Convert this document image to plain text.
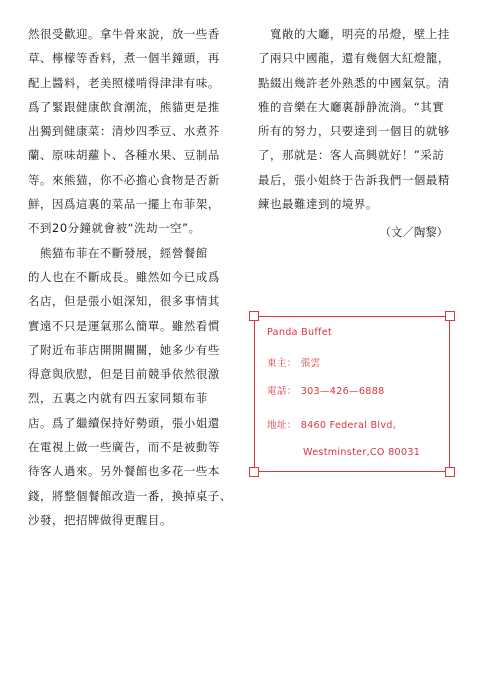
然很受歡迎。拿牛骨來說，放一些香
草、檸檬等香料，煮一個半鐘頭，再
配上醬料，老美照樣啃得津津有味。

爲了緊跟健康飲食潮流，熊貓更是推
出獨到健康菜：清炒四季豆、水煮芥
蘭、原味胡蘿卜、各種水果、豆制品
等。來熊猫，你不必擔心食物是否新
鮮，因爲這裏的菜品一擺上布菲架，
不到20分鐘就會被“洗劫一空”。

　熊猫布菲在不斷發展，經營餐館
的人也在不斷成長。雖然如今已成爲
名店，但是張小姐深知，很多事情其
實遠不只是運氣那么簡單。雖然看慣
了附近布菲店開開關關，她多少有些
得意與欣慰，但是目前競爭依然很激
烈，五裏之内就有四五家同類布菲
店。爲了繼續保持好勢頭，張小姐還
在電視上做一些廣告，而不是被動等
待客人過來。另外餐館也多花一些本
錢，將整個餐館改造一番，換掉桌子、
沙發，把招牌做得更醒目。

　寬敞的大廳，明亮的吊燈，壁上挂
了兩只中國龍，還有幾個大紅燈籠，
點綴出幾許老外熟悉的中國氣氛。清
雅的音樂在大廳裏靜静流淌。“其實
所有的努力，只要達到一個目的就够
了，那就是：客人高興就好！”采訪
最后，張小姐終于告訴我們一個最精
練也最難達到的境界。

（文／陶黎）
Panda Buffet
東主： 張雲
電話： 303—426—6888
地址： 8460 Federal Blvd,
Westminster,CO 80031
